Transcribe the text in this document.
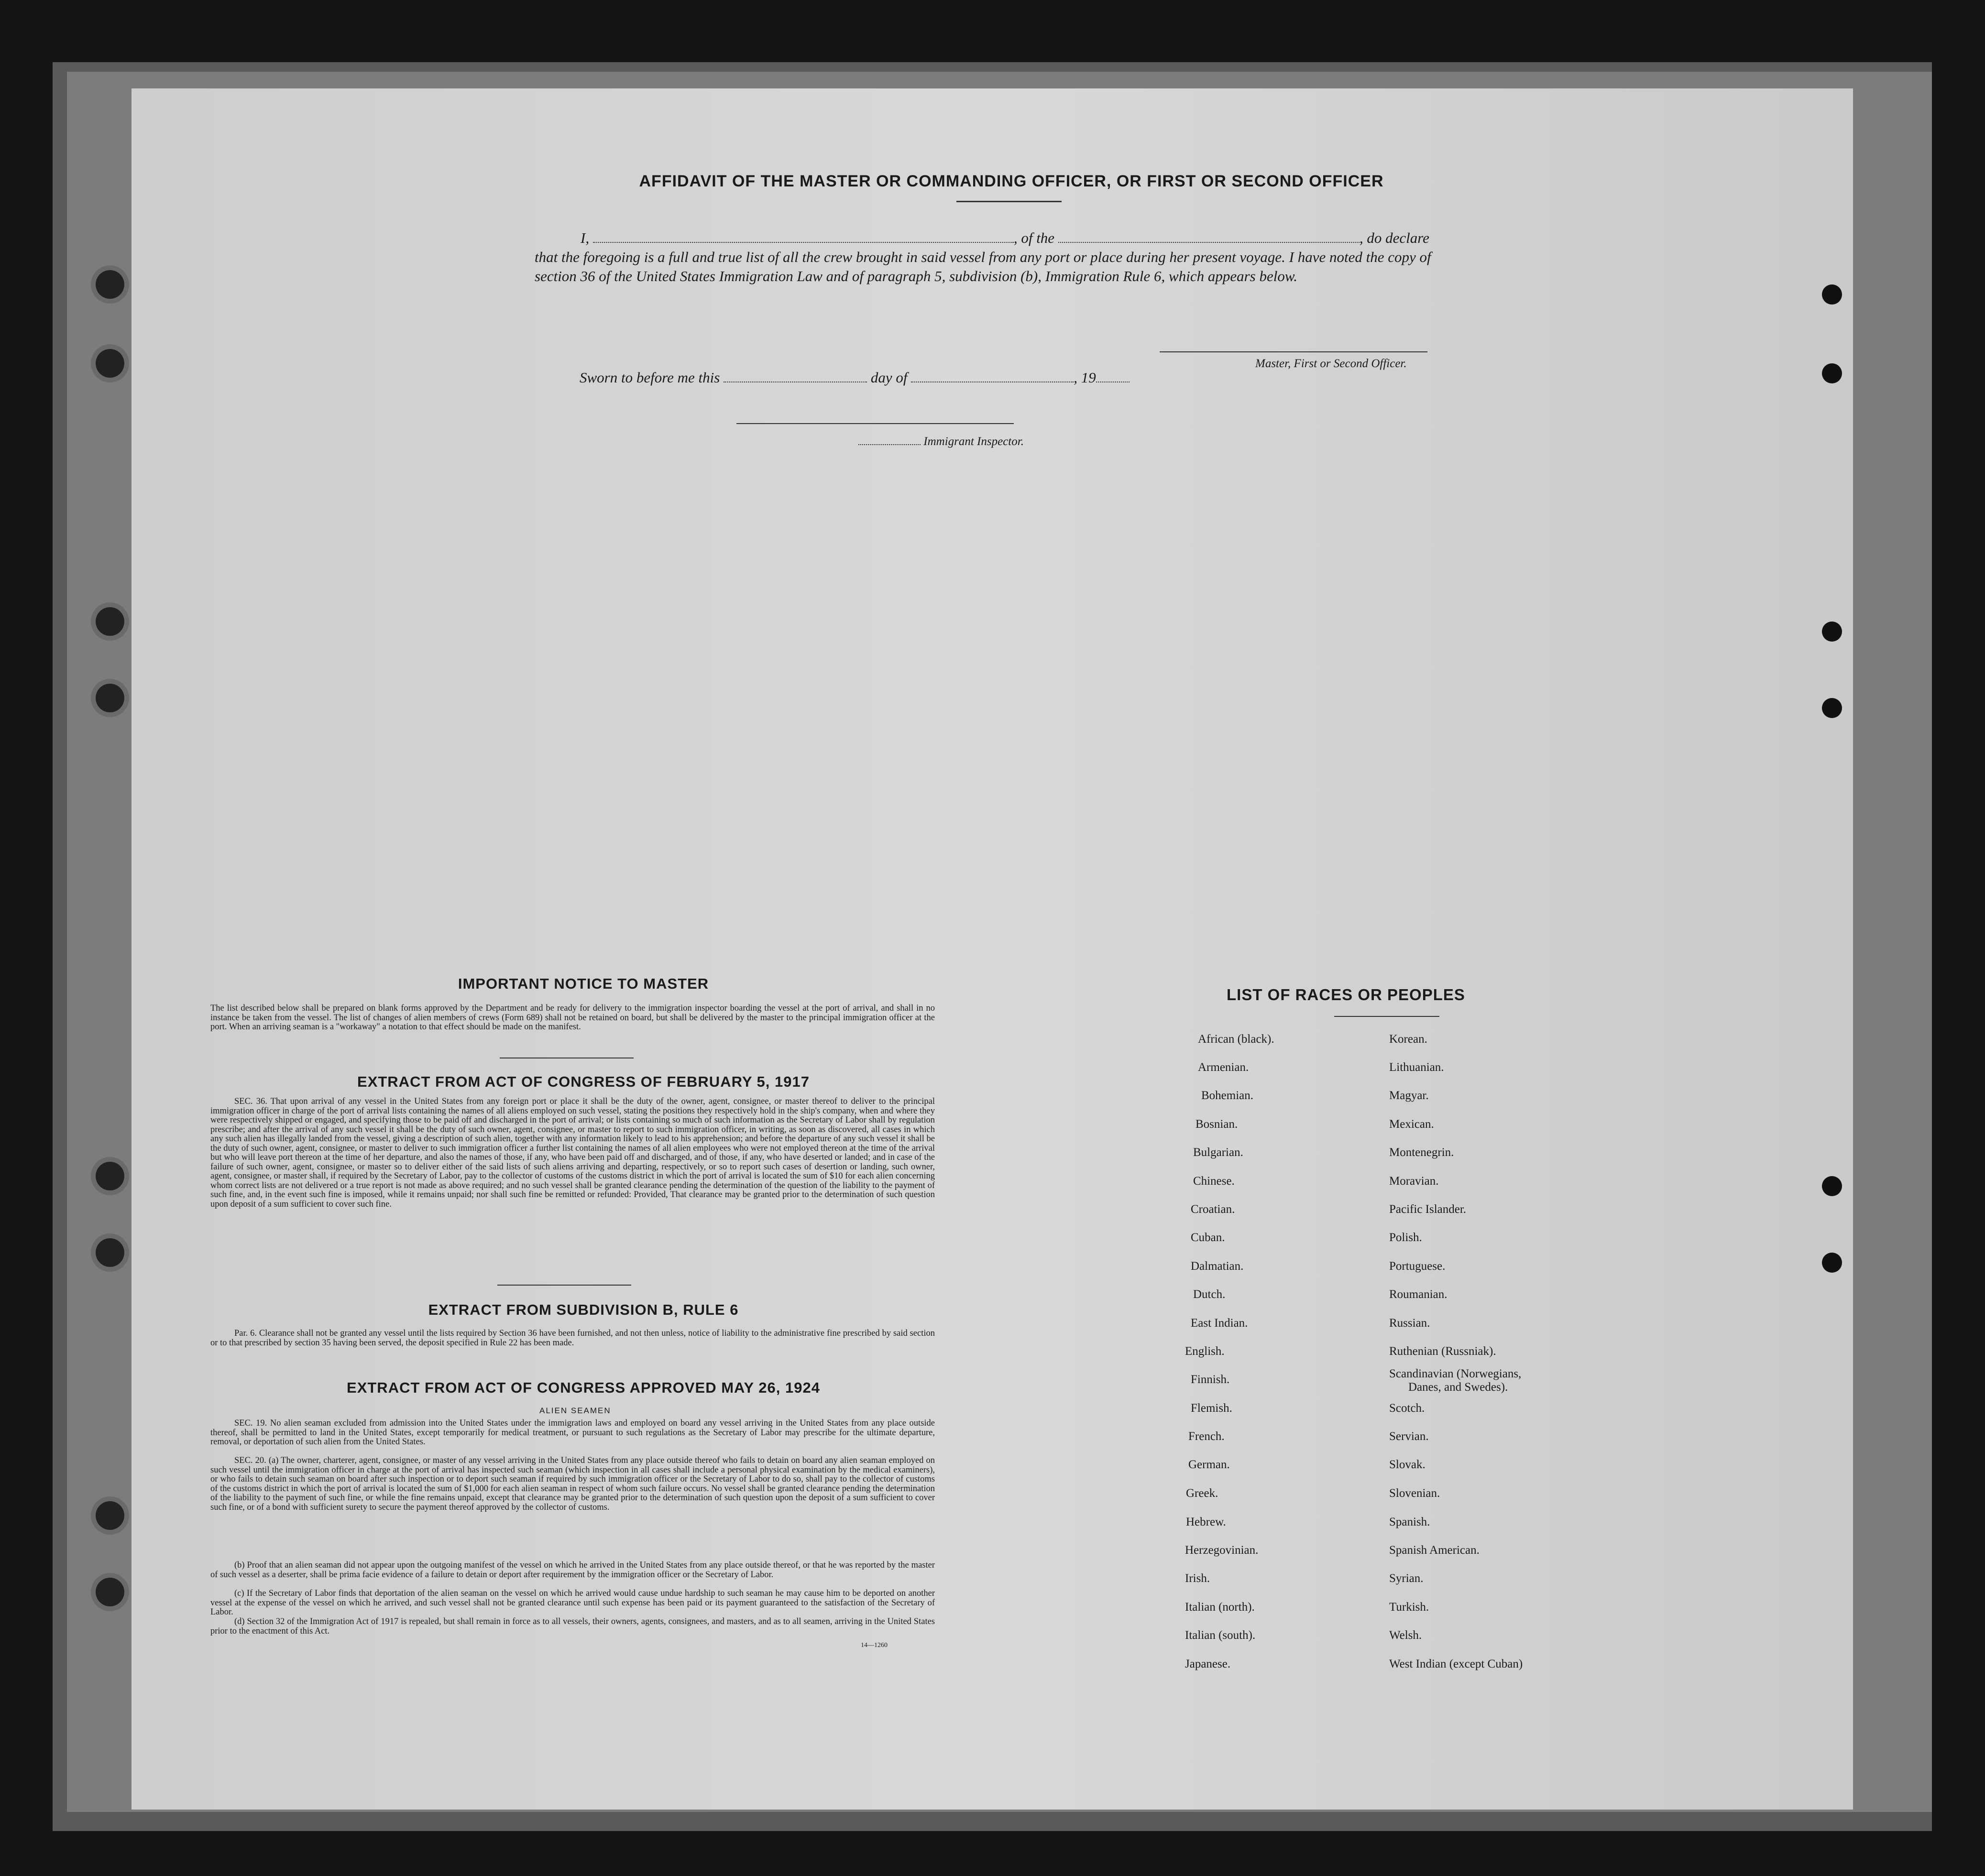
AFFIDAVIT OF THE MASTER OR COMMANDING OFFICER, OR FIRST OR SECOND OFFICER
I,	, of the	, do declare
that the foregoing is a full and true list of all the crew brought in said vessel from any port or place during her present voyage. I have noted the copy of section 36 of the United States Immigration Law and of paragraph 5, subdivision (b), Immigration Rule 6, which appears below.
Master, First or Second Officer.
Sworn to before me this	day of	, 19
Immigrant Inspector.
IMPORTANT NOTICE TO MASTER
The list described below shall be prepared on blank forms approved by the Department and be ready for delivery to the immigration inspector boarding the vessel at the port of arrival, and shall in no instance be taken from the vessel. The list of changes of alien members of crews (Form 689) shall not be retained on board, but shall be delivered by the master to the principal immigration officer at the port. When an arriving seaman is a "workaway" a notation to that effect should be made on the manifest.
EXTRACT FROM ACT OF CONGRESS OF FEBRUARY 5, 1917
SEC. 36. That upon arrival of any vessel in the United States from any foreign port or place it shall be the duty of the owner, agent, consignee, or master thereof to deliver to the principal immigration officer in charge of the port of arrival lists containing the names of all aliens employed on such vessel, stating the positions they respectively hold in the ship's company, when and where they were respectively shipped or engaged, and specifying those to be paid off and discharged in the port of arrival; or lists containing so much of such information as the Secretary of Labor shall by regulation prescribe; and after the arrival of any such vessel it shall be the duty of such owner, agent, consignee, or master to report to such immigration officer, in writing, as soon as discovered, all cases in which any such alien has illegally landed from the vessel, giving a description of such alien, together with any information likely to lead to his apprehension; and before the departure of any such vessel it shall be the duty of such owner, agent, consignee, or master to deliver to such immigration officer a further list containing the names of all alien employees who were not employed thereon at the time of the arrival but who will leave port thereon at the time of her departure, and also the names of those, if any, who have been paid off and discharged, and of those, if any, who have deserted or landed; and in case of the failure of such owner, agent, consignee, or master so to deliver either of the said lists of such aliens arriving and departing, respectively, or so to report such cases of desertion or landing, such owner, agent, consignee, or master shall, if required by the Secretary of Labor, pay to the collector of customs of the customs district in which the port of arrival is located the sum of $10 for each alien concerning whom correct lists are not delivered or a true report is not made as above required; and no such vessel shall be granted clearance pending the determination of the question of the liability to the payment of such fine, and, in the event such fine is imposed, while it remains unpaid; nor shall such fine be remitted or refunded: Provided, That clearance may be granted prior to the determination of such question upon deposit of a sum sufficient to cover such fine.
EXTRACT FROM SUBDIVISION B, RULE 6
Par. 6. Clearance shall not be granted any vessel until the lists required by Section 36 have been furnished, and not then unless, notice of liability to the administrative fine prescribed by said section or to that prescribed by section 35 having been served, the deposit specified in Rule 22 has been made.
EXTRACT FROM ACT OF CONGRESS APPROVED MAY 26, 1924
ALIEN SEAMEN
SEC. 19. No alien seaman excluded from admission into the United States under the immigration laws and employed on board any vessel arriving in the United States from any place outside thereof, shall be permitted to land in the United States, except temporarily for medical treatment, or pursuant to such regulations as the Secretary of Labor may prescribe for the ultimate departure, removal, or deportation of such alien from the United States.
SEC. 20. (a) The owner, charterer, agent, consignee, or master of any vessel arriving in the United States from any place outside thereof who fails to detain on board any alien seaman employed on such vessel until the immigration officer in charge at the port of arrival has inspected such seaman (which inspection in all cases shall include a personal physical examination by the medical examiners), or who fails to detain such seaman on board after such inspection or to deport such seaman if required by such immigration officer or the Secretary of Labor to do so, shall pay to the collector of customs of the customs district in which the port of arrival is located the sum of $1,000 for each alien seaman in respect of whom such failure occurs. No vessel shall be granted clearance pending the determination of the liability to the payment of such fine, or while the fine remains unpaid, except that clearance may be granted prior to the determination of such question upon the deposit of a sum sufficient to cover such fine, or of a bond with sufficient surety to secure the payment thereof approved by the collector of customs.
(b) Proof that an alien seaman did not appear upon the outgoing manifest of the vessel on which he arrived in the United States from any place outside thereof, or that he was reported by the master of such vessel as a deserter, shall be prima facie evidence of a failure to detain or deport after requirement by the immigration officer or the Secretary of Labor.
(c) If the Secretary of Labor finds that deportation of the alien seaman on the vessel on which he arrived would cause undue hardship to such seaman he may cause him to be deported on another vessel at the expense of the vessel on which he arrived, and such vessel shall not be granted clearance until such expense has been paid or its payment guaranteed to the satisfaction of the Secretary of Labor.
(d) Section 32 of the Immigration Act of 1917 is repealed, but shall remain in force as to all vessels, their owners, agents, consignees, and masters, and as to all seamen, arriving in the United States prior to the enactment of this Act.
14—1260
LIST OF RACES OR PEOPLES
African (black).
Armenian.
Bohemian.
Bosnian.
Bulgarian.
Chinese.
Croatian.
Cuban.
Dalmatian.
Dutch.
East Indian.
English.
Finnish.
Flemish.
French.
German.
Greek.
Hebrew.
Herzegovinian.
Irish.
Italian (north).
Italian (south).
Japanese.
Korean.
Lithuanian.
Magyar.
Mexican.
Montenegrin.
Moravian.
Pacific Islander.
Polish.
Portuguese.
Roumanian.
Russian.
Ruthenian (Russniak).
Scandinavian (Norwegians,
Danes, and Swedes).
Scotch.
Servian.
Slovak.
Slovenian.
Spanish.
Spanish American.
Syrian.
Turkish.
Welsh.
West Indian (except Cuban)
